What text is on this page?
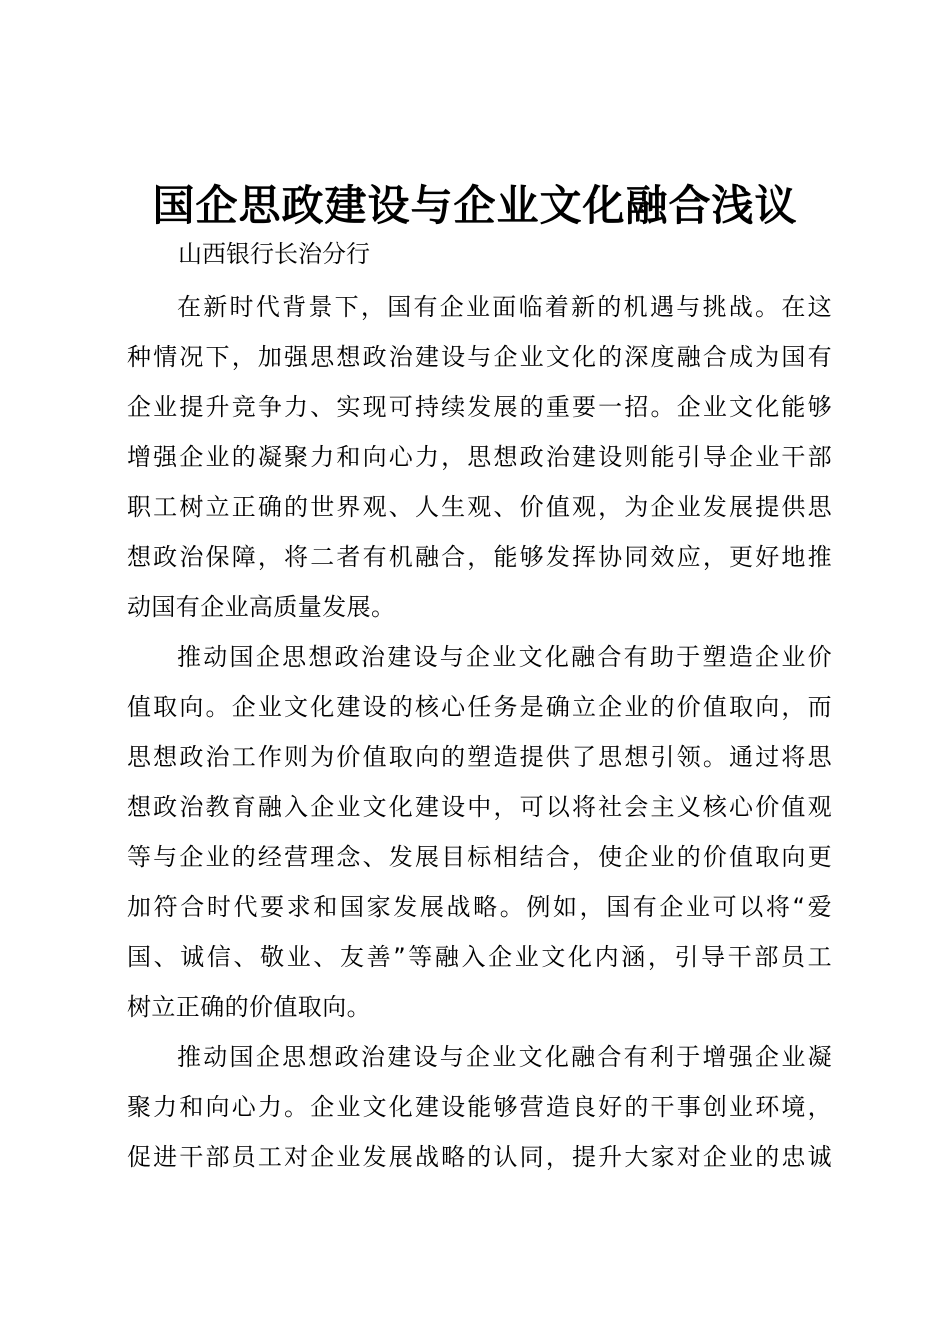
国企思政建设与企业文化融合浅议
山西银行长治分行
在新时代背景下，国有企业面临着新的机遇与挑战。在这
种情况下，加强思想政治建设与企业文化的深度融合成为国有
企业提升竞争力、实现可持续发展的重要一招。企业文化能够
增强企业的凝聚力和向心力，思想政治建设则能引导企业干部
职工树立正确的世界观、人生观、价值观，为企业发展提供思
想政治保障，将二者有机融合，能够发挥协同效应，更好地推
动国有企业高质量发展。
推动国企思想政治建设与企业文化融合有助于塑造企业价
值取向。企业文化建设的核心任务是确立企业的价值取向，而
思想政治工作则为价值取向的塑造提供了思想引领。通过将思
想政治教育融入企业文化建设中，可以将社会主义核心价值观
等与企业的经营理念、发展目标相结合，使企业的价值取向更
加符合时代要求和国家发展战略。例如，国有企业可以将“爱
国、诚信、敬业、友善”等融入企业文化内涵，引导干部员工
树立正确的价值取向。
推动国企思想政治建设与企业文化融合有利于增强企业凝
聚力和向心力。企业文化建设能够营造良好的干事创业环境，
促进干部员工对企业发展战略的认同，提升大家对企业的忠诚
